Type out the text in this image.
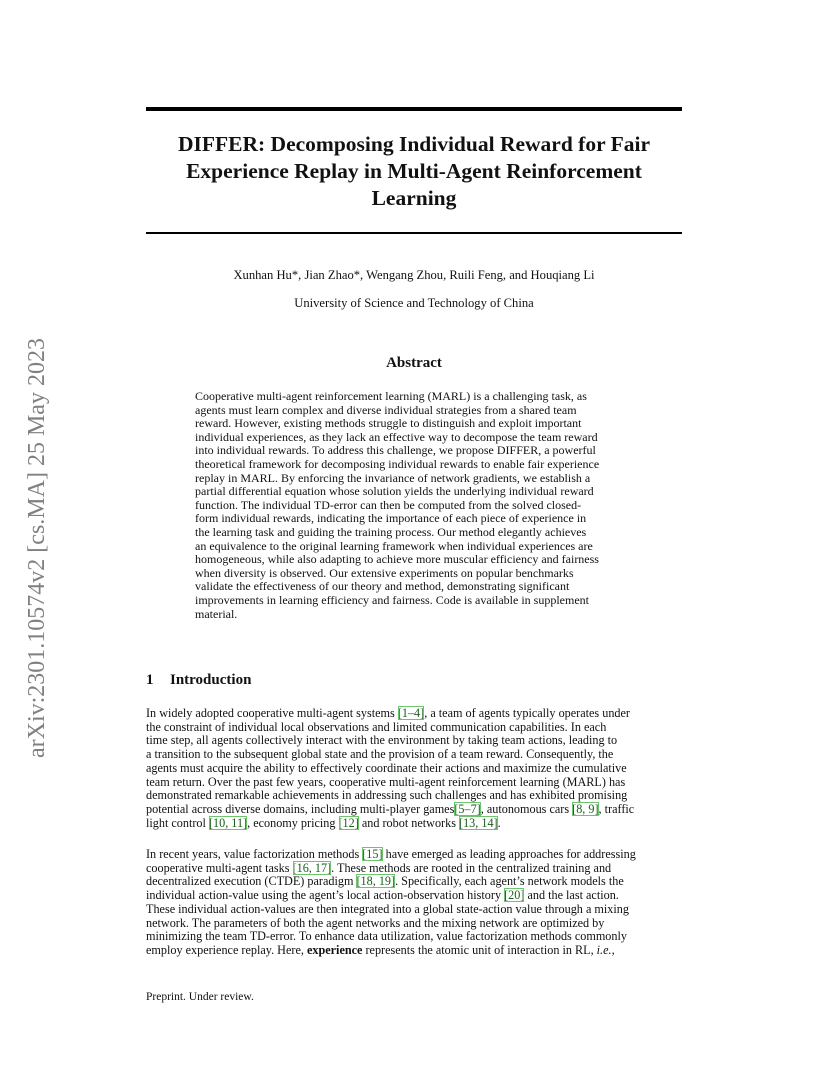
arXiv:2301.10574v2 [cs.MA] 25 May 2023
DIFFER: Decomposing Individual Reward for Fair
Experience Replay in Multi-Agent Reinforcement
Learning
Xunhan Hu*, Jian Zhao*, Wengang Zhou, Ruili Feng, and Houqiang Li
University of Science and Technology of China
Abstract
Cooperative multi-agent reinforcement learning (MARL) is a challenging task, as
agents must learn complex and diverse individual strategies from a shared team
reward. However, existing methods struggle to distinguish and exploit important
individual experiences, as they lack an effective way to decompose the team reward
into individual rewards. To address this challenge, we propose DIFFER, a powerful
theoretical framework for decomposing individual rewards to enable fair experience
replay in MARL. By enforcing the invariance of network gradients, we establish a
partial differential equation whose solution yields the underlying individual reward
function. The individual TD-error can then be computed from the solved closed-
form individual rewards, indicating the importance of each piece of experience in
the learning task and guiding the training process. Our method elegantly achieves
an equivalence to the original learning framework when individual experiences are
homogeneous, while also adapting to achieve more muscular efficiency and fairness
when diversity is observed. Our extensive experiments on popular benchmarks
validate the effectiveness of our theory and method, demonstrating significant
improvements in learning efficiency and fairness. Code is available in supplement
material.
1 Introduction
In widely adopted cooperative multi-agent systems [1–4], a team of agents typically operates under
the constraint of individual local observations and limited communication capabilities. In each
time step, all agents collectively interact with the environment by taking team actions, leading to
a transition to the subsequent global state and the provision of a team reward. Consequently, the
agents must acquire the ability to effectively coordinate their actions and maximize the cumulative
team return. Over the past few years, cooperative multi-agent reinforcement learning (MARL) has
demonstrated remarkable achievements in addressing such challenges and has exhibited promising
potential across diverse domains, including multi-player games[5–7], autonomous cars [8, 9], traffic
light control [10, 11], economy pricing [12] and robot networks [13, 14].
In recent years, value factorization methods [15] have emerged as leading approaches for addressing
cooperative multi-agent tasks [16, 17]. These methods are rooted in the centralized training and
decentralized execution (CTDE) paradigm [18, 19]. Specifically, each agent’s network models the
individual action-value using the agent’s local action-observation history [20] and the last action.
These individual action-values are then integrated into a global state-action value through a mixing
network. The parameters of both the agent networks and the mixing network are optimized by
minimizing the team TD-error. To enhance data utilization, value factorization methods commonly
employ experience replay. Here, experience represents the atomic unit of interaction in RL, i.e.,
Preprint. Under review.
